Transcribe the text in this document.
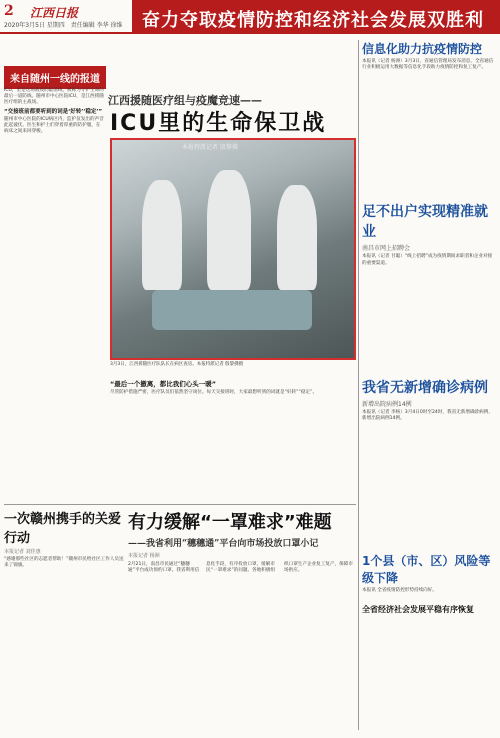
2 江西日报
2020年3月5日 星期四 责任编辑 李华 徐维 奋力夺取疫情防控和经济社会发展双胜利
来自随州一线的报道
江西援随医疗组与疫魔竞速——
ICU里的生命保卫战

ICU，里是这场战疫的最前线，被称为守护生命的最后一道防线。随州市中心医院ICU，是江西援随医疗组的主战场。

“交接班前都要听到的词是‘好转’‘稳定’”

随州市中心医院的ICU病区内，监护仪发出的声音此起彼伏。医生和护士们穿着厚重的防护服，在病床之间来回穿梭。

本报特派记者 殷黎佛
3月3日，江西援随医疗队队长在病区查房。本报特派记者 殷黎佛摄

“最后一个撤离，都比我们心头一暖”

尽管防护措施严密，医疗队员们依然坚守岗位。每天交接班时，大家最想听到的词就是“好转”“稳定”。

信息化助力抗疫情防控

本报讯（记者 杨洲）3月3日，省通信管理局发布消息，全省通信行业积极运用大数据等信息化手段助力疫情防控和复工复产。

足不出户实现精准就业
南昌市网上招聘会

本报讯（记者 甘聪）“线上招聘”成为疫情期间求职者和企业对接的重要渠道。

我省无新增确诊病例
新增出院病例14例

本报讯（记者 李杨）3月4日0时至24时，我省无新增确诊病例，新增出院病例14例。

1个县（市、区）风险等级下降

本报讯 全省疫情防控形势持续向好。

全省经济社会发展平稳有序恢复
一次赣州携手的关爱行动
本报记者 刘佳惠

“感谢那些社区的志愿者帮助！”赣州市民给社区工作人员送来了锦旗。

有力缓解“一罩难求”难题
——我省利用“穗穗通”平台向市场投放口罩小记
本报记者 杨洲

2月21日，南昌市民通过“穗穗通”平台成功预约口罩。我省利用信息化手段，有序投放口罩，缓解市民“一罩难求”的问题。各地积极组织口罩生产企业复工复产，保障市场供应。
